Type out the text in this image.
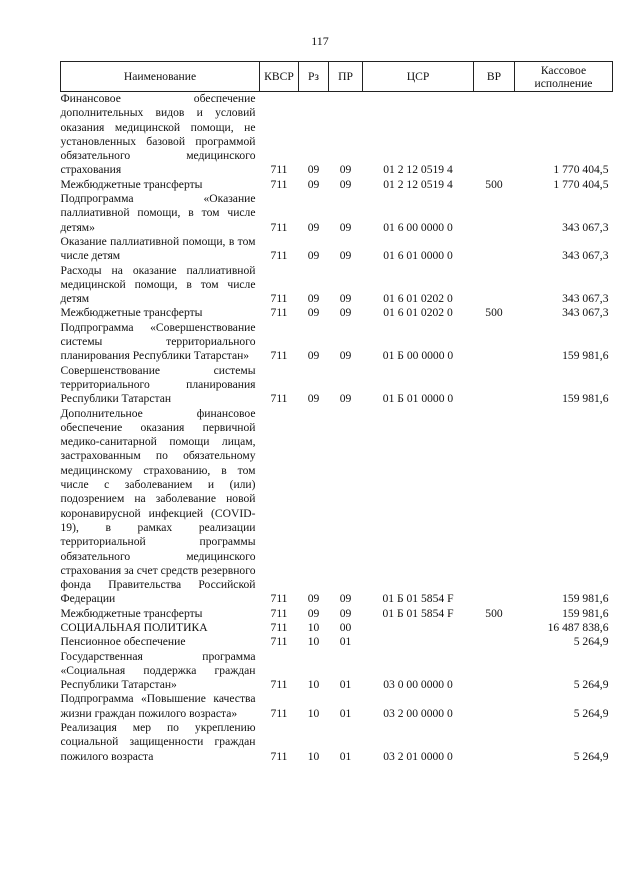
117
Наименование	КВСР	Рз	ПР	ЦСР	ВР	Кассовое исполнение
Финансовое обеспечение дополнительных видов и условий оказания медицинской помощи, не установленных базовой программой обязательного медицинского страхования	711	09	09	01 2 12 0519 4		1 770 404,5
Межбюджетные трансферты	711	09	09	01 2 12 0519 4	500	1 770 404,5
Подпрограмма «Оказание паллиативной помощи, в том числе детям»	711	09	09	01 6 00 0000 0		343 067,3
Оказание паллиативной помощи, в том числе детям	711	09	09	01 6 01 0000 0		343 067,3
Расходы на оказание паллиативной медицинской помощи, в том числе детям	711	09	09	01 6 01 0202 0		343 067,3
Межбюджетные трансферты	711	09	09	01 6 01 0202 0	500	343 067,3
Подпрограмма «Совершенствование системы территориального планирования Республики Татарстан»	711	09	09	01 Б 00 0000 0		159 981,6
Совершенствование системы территориального планирования Республики Татарстан	711	09	09	01 Б 01 0000 0		159 981,6
Дополнительное финансовое обеспечение оказания первичной медико-санитарной помощи лицам, застрахованным по обязательному медицинскому страхованию, в том числе с заболеванием и (или) подозрением на заболевание новой коронавирусной инфекцией (COVID-19), в рамках реализации территориальной программы обязательного медицинского страхования за счет средств резервного фонда Правительства Российской Федерации	711	09	09	01 Б 01 5854 F		159 981,6
Межбюджетные трансферты	711	09	09	01 Б 01 5854 F	500	159 981,6
СОЦИАЛЬНАЯ ПОЛИТИКА	711	10	00			16 487 838,6
Пенсионное обеспечение	711	10	01			5 264,9
Государственная программа «Социальная поддержка граждан Республики Татарстан»	711	10	01	03 0 00 0000 0		5 264,9
Подпрограмма «Повышение качества жизни граждан пожилого возраста»	711	10	01	03 2 00 0000 0		5 264,9
Реализация мер по укреплению социальной защищенности граждан пожилого возраста	711	10	01	03 2 01 0000 0		5 264,9
